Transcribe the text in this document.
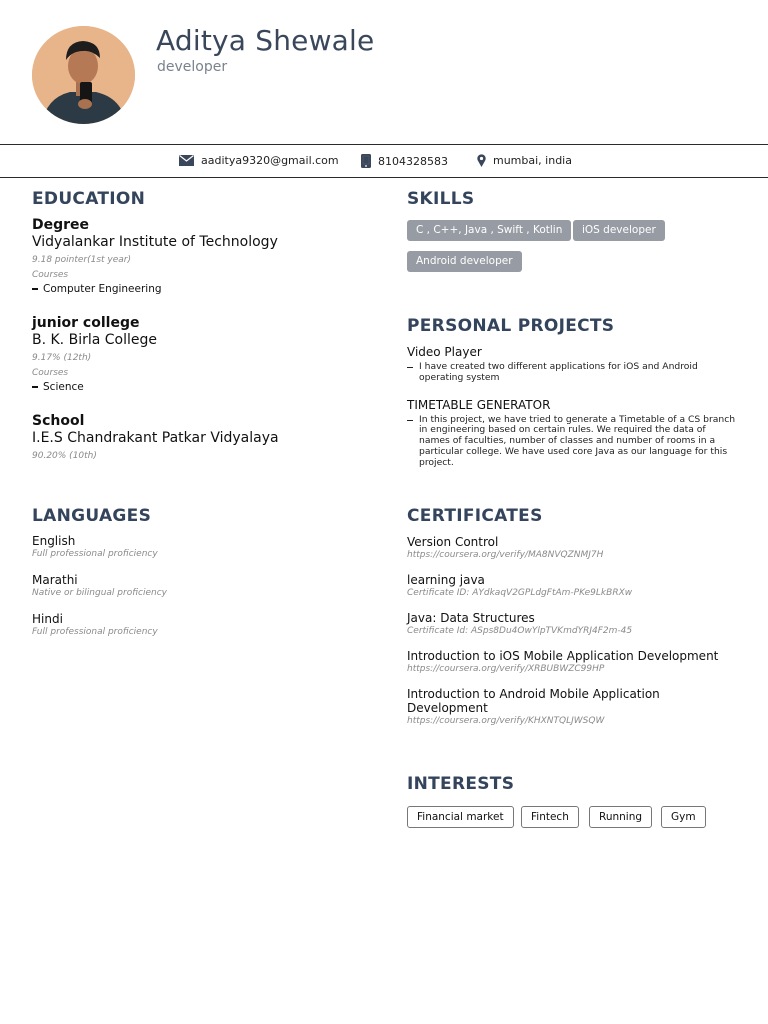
Aditya Shewale
developer
aaditya9320@gmail.com	8104328583	mumbai, india
EDUCATION
Degree
Vidyalankar Institute of Technology
9.18 pointer(1st year)
Courses
Computer Engineering
junior college
B. K. Birla College
9.17% (12th)
Courses
Science
School
I.E.S Chandrakant Patkar Vidyalaya
90.20% (10th)
SKILLS
C , C++, Java , Swift , Kotlin	iOS developer
Android developer
PERSONAL PROJECTS
Video Player
I have created two different applications for iOS and Android operating system
TIMETABLE GENERATOR
In this project, we have tried to generate a Timetable of a CS branch in engineering based on certain rules. We required the data of names of faculties, number of classes and number of rooms in a particular college. We have used core Java as our language for this project.
LANGUAGES
English
Full professional proficiency
Marathi
Native or bilingual proficiency
Hindi
Full professional proficiency
CERTIFICATES
Version Control
https://coursera.org/verify/MA8NVQZNMJ7H
learning java
Certificate ID: AYdkaqV2GPLdgFtAm-PKe9LkBRXw
Java: Data Structures
Certificate Id: ASps8Du4OwYlpTVKmdYRJ4F2m-45
Introduction to iOS Mobile Application Development
https://coursera.org/verify/XRBUBWZC99HP
Introduction to Android Mobile Application Development
https://coursera.org/verify/KHXNTQLJWSQW
INTERESTS
Financial market	Fintech	Running	Gym
